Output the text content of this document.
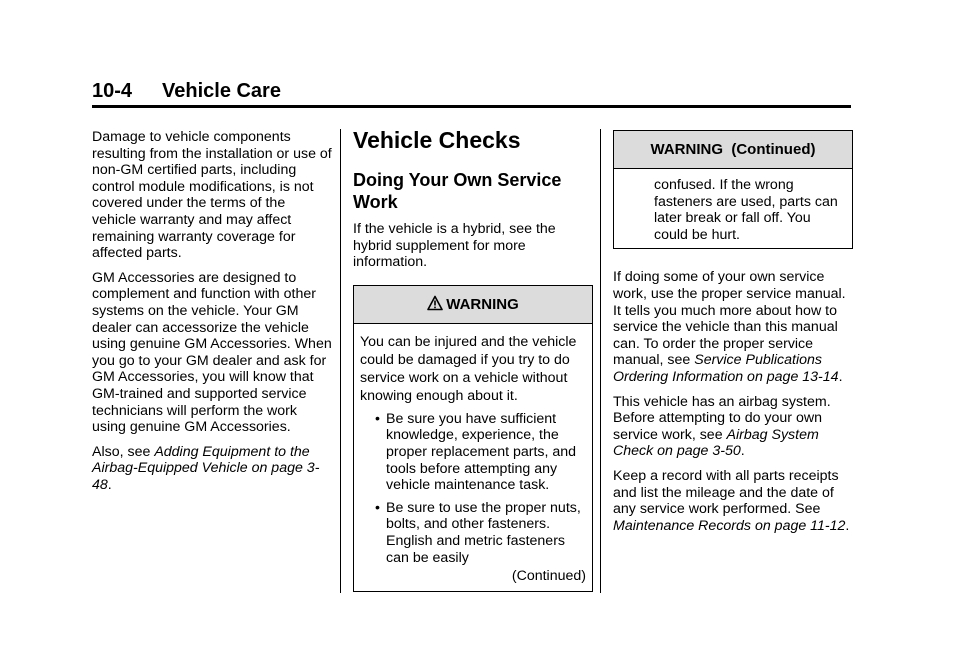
10-4 Vehicle Care

Damage to vehicle components resulting from the installation or use of non-GM certified parts, including control module modifications, is not covered under the terms of the vehicle warranty and may affect remaining warranty coverage for affected parts.

GM Accessories are designed to complement and function with other systems on the vehicle. Your GM dealer can accessorize the vehicle using genuine GM Accessories. When you go to your GM dealer and ask for GM Accessories, you will know that GM-trained and supported service technicians will perform the work using genuine GM Accessories.

Also, see Adding Equipment to the Airbag-Equipped Vehicle on page 3-48.

Vehicle Checks
Doing Your Own Service Work

If the vehicle is a hybrid, see the hybrid supplement for more information.

WARNING

You can be injured and the vehicle could be damaged if you try to do service work on a vehicle without knowing enough about it.

• Be sure you have sufficient knowledge, experience, the proper replacement parts, and tools before attempting any vehicle maintenance task.
• Be sure to use the proper nuts, bolts, and other fasteners. English and metric fasteners can be easily
(Continued)
WARNING  (Continued)
confused. If the wrong fasteners are used, parts can later break or fall off. You could be hurt.

If doing some of your own service work, use the proper service manual. It tells you much more about how to service the vehicle than this manual can. To order the proper service manual, see Service Publications Ordering Information on page 13-14.

This vehicle has an airbag system. Before attempting to do your own service work, see Airbag System Check on page 3-50.

Keep a record with all parts receipts and list the mileage and the date of any service work performed. See Maintenance Records on page 11-12.
